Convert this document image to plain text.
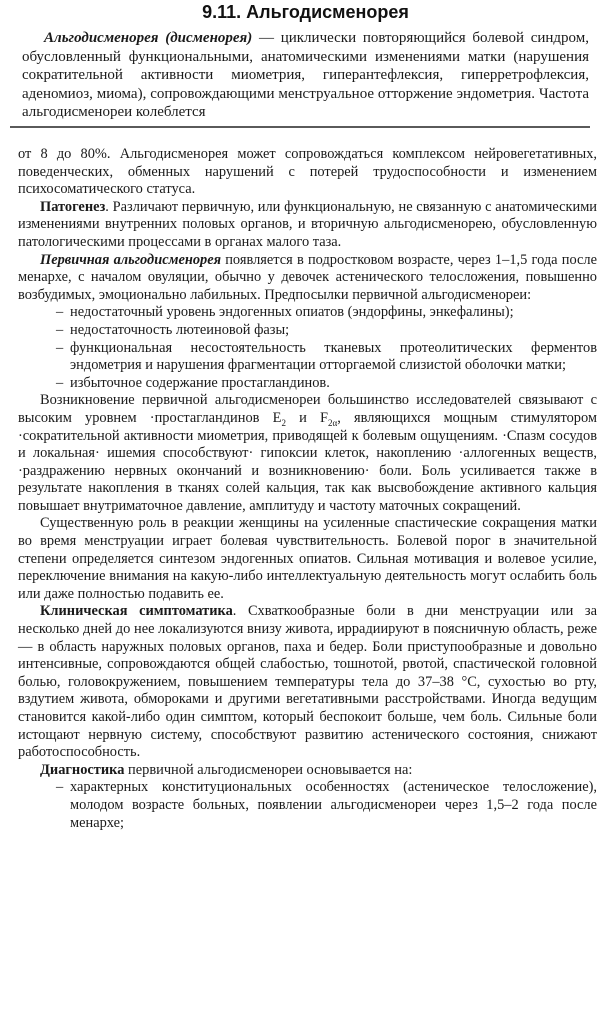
9.11. Альгодисменорея

Альгодисменорея (дисменорея) — циклически повторяющийся болевой синдром, обусловленный функциональными, анатомическими изменениями матки (нарушения сократительной активности миометрия, гиперантефлексия, гиперретрофлексия, аденомиоз, миома), сопровождающими менструальное отторжение эндометрия. Частота альгодисменореи колеблется

от 8 до 80%. Альгодисменорея может сопровождаться комплексом нейровегетативных, поведенческих, обменных нарушений с потерей трудоспособности и изменением психосоматического статуса.

Патогенез. Различают первичную, или функциональную, не связанную с анатомическими изменениями внутренних половых органов, и вторичную альгодисменорею, обусловленную патологическими процессами в органах малого таза.

Первичная альгодисменорея появляется в подростковом возрасте, через 1–1,5 года после менархе, с началом овуляции, обычно у девочек астенического телосложения, повышенно возбудимых, эмоционально лабильных. Предпосылки первичной альгодисменореи:

– недостаточный уровень эндогенных опиатов (эндорфины, энкефалины);
– недостаточность лютеиновой фазы;
– функциональная несостоятельность тканевых протеолитических ферментов эндометрия и нарушения фрагментации отторгаемой слизистой оболочки матки;
– избыточное содержание простагландинов.

Возникновение первичной альгодисменореи большинство исследователей связывают с высоким уровнем ·простагландинов $E_2$ и $F_{2\alpha}$, являющихся мощным стимулятором ·сократительной активности миометрия, приводящей к болевым ощущениям. ·Спазм сосудов и локальная· ишемия способствуют· гипоксии клеток, накоплению ·аллогенных веществ, ·раздражению нервных окончаний и возникновению· боли. Боль усиливается также в результате накопления в тканях солей кальция, так как высвобождение активного кальция повышает внутриматочное давление, амплитуду и частоту маточных сокращений.

Существенную роль в реакции женщины на усиленные спастические сокращения матки во время менструации играет болевая чувствительность. Болевой порог в значительной степени определяется синтезом эндогенных опиатов. Сильная мотивация и волевое усилие, переключение внимания на какую-либо интеллектуальную деятельность могут ослабить боль или даже полностью подавить ее.

Клиническая симптоматика. Схваткообразные боли в дни менструации или за несколько дней до нее локализуются внизу живота, иррадиируют в поясничную область, реже — в область наружных половых органов, паха и бедер. Боли приступообразные и довольно интенсивные, сопровождаются общей слабостью, тошнотой, рвотой, спастической головной болью, головокружением, повышением температуры тела до 37–38 °С, сухостью во рту, вздутием живота, обмороками и другими вегетативными расстройствами. Иногда ведущим становится какой-либо один симптом, который беспокоит больше, чем боль. Сильные боли истощают нервную систему, способствуют развитию астенического состояния, снижают работоспособность.

Диагностика первичной альгодисменореи основывается на:

– характерных конституциональных особенностях (астеническое телосложение), молодом возрасте больных, появлении альгодисменореи через 1,5–2 года после менархе;
